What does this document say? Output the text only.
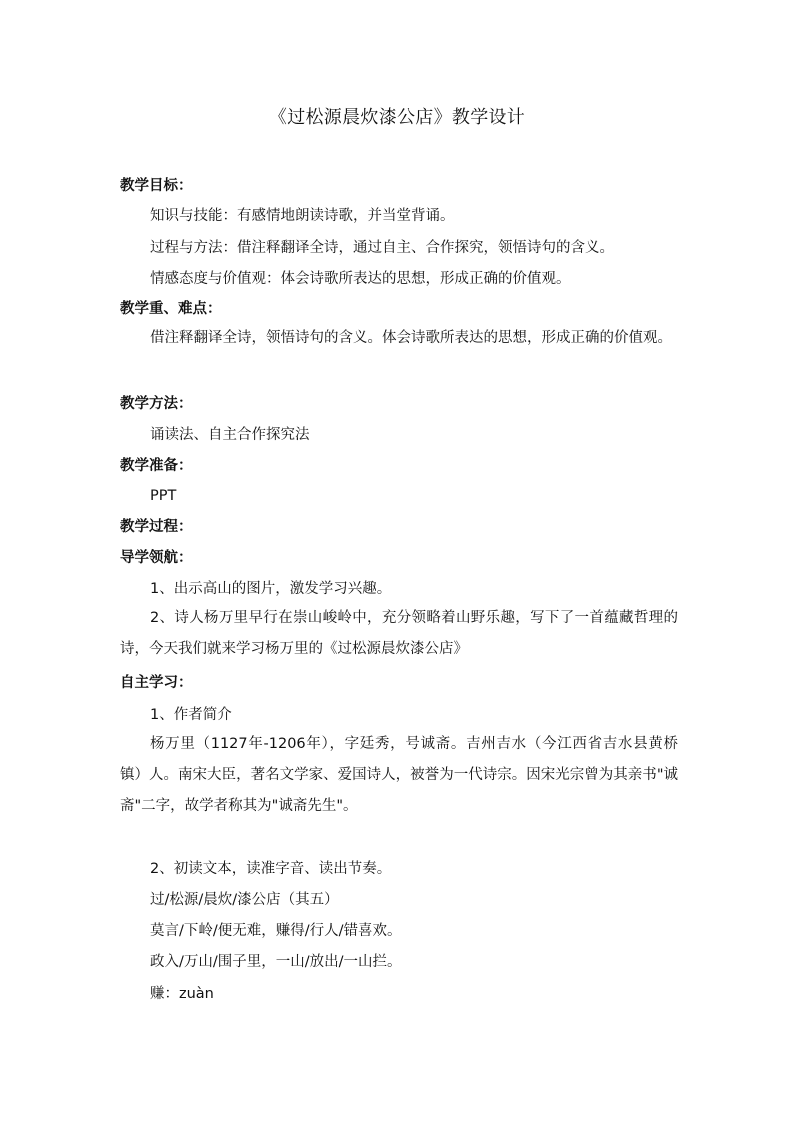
《过松源晨炊漆公店》教学设计
教学目标：
知识与技能：有感情地朗读诗歌，并当堂背诵。
过程与方法：借注释翻译全诗，通过自主、合作探究，领悟诗句的含义。
情感态度与价值观：体会诗歌所表达的思想，形成正确的价值观。
教学重、难点：
借注释翻译全诗，领悟诗句的含义。体会诗歌所表达的思想，形成正确的价值观。
教学方法：
诵读法、自主合作探究法
教学准备：
PPT
教学过程：
导学领航：
1、出示高山的图片，激发学习兴趣。
2、诗人杨万里早行在崇山峻岭中，充分领略着山野乐趣，写下了一首蕴藏哲理的诗，今天我们就来学习杨万里的《过松源晨炊漆公店》
自主学习：
1、作者简介
杨万里（1127年-1206年），字廷秀，号诚斋。吉州吉水（今江西省吉水县黄桥镇）人。南宋大臣，著名文学家、爱国诗人，被誉为一代诗宗。因宋光宗曾为其亲书"诚斋"二字，故学者称其为"诚斋先生"。
2、初读文本，读准字音、读出节奏。
过/松源/晨炊/漆公店（其五）
莫言/下岭/便无难，赚得/行人/错喜欢。
政入/万山/围子里，一山/放出/一山拦。
赚：zuàn
